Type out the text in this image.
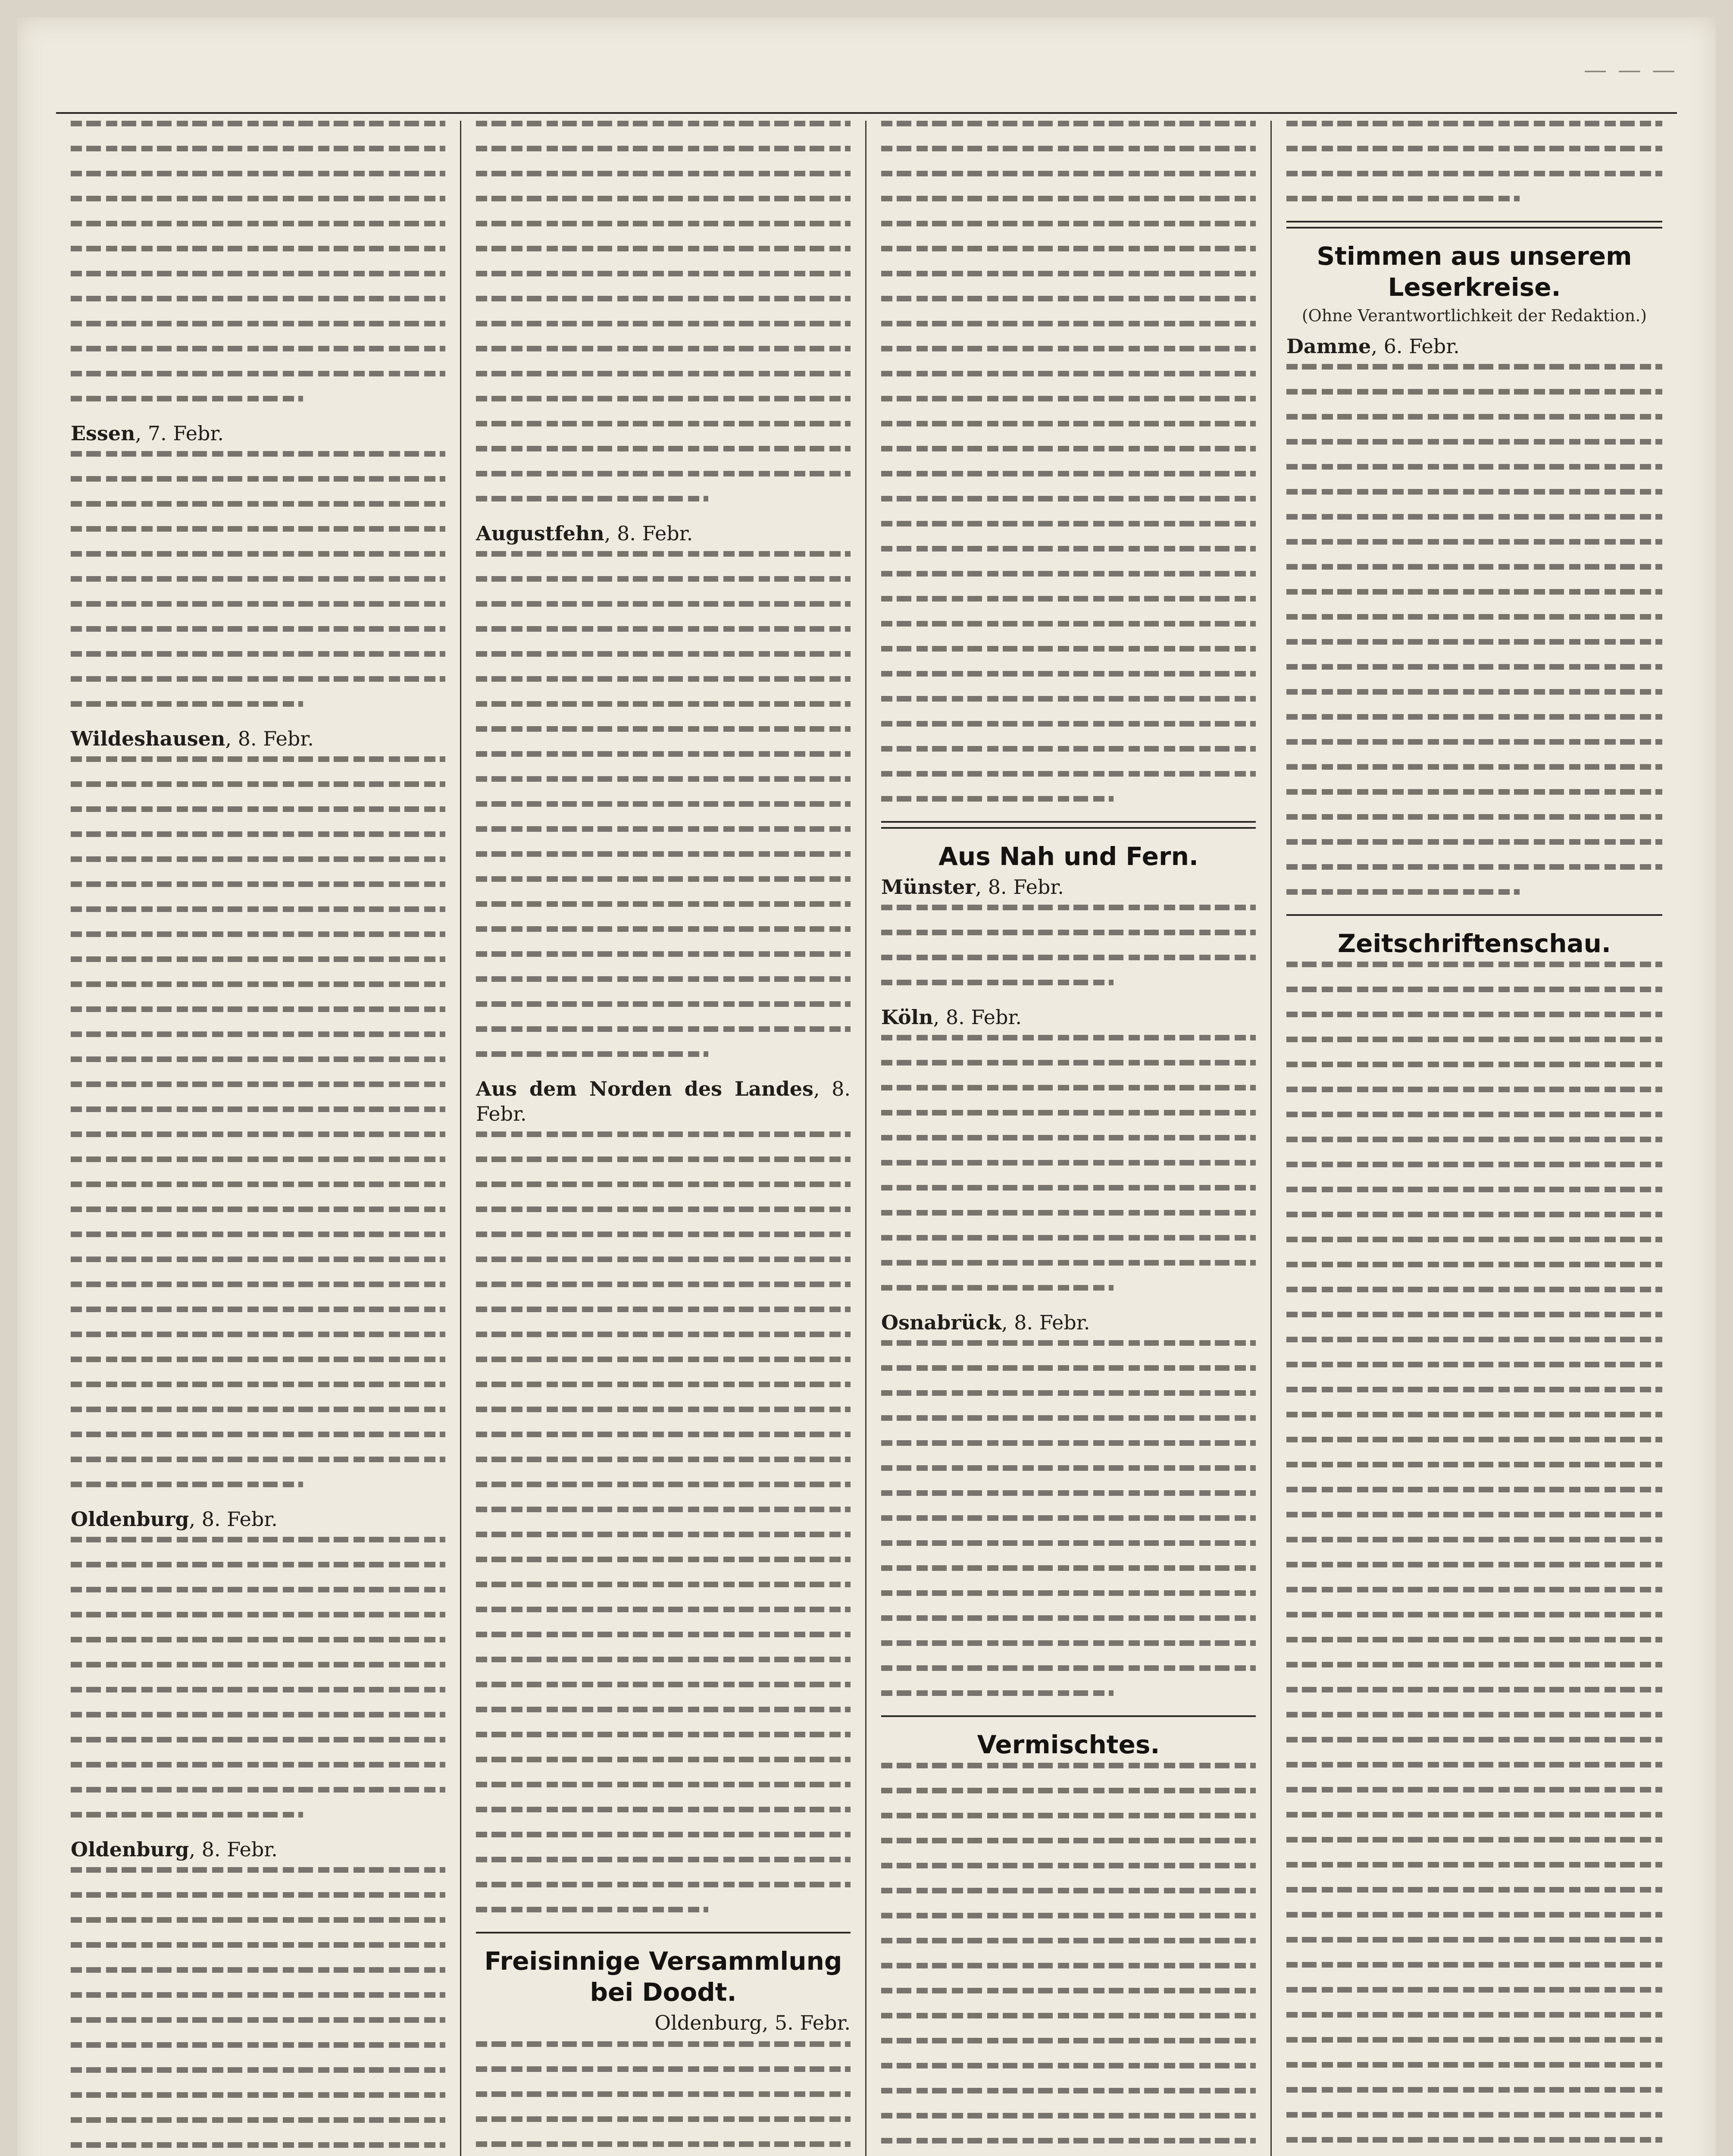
— — —

Essen, 7. Febr.

Wildeshausen, 8. Febr.

Oldenburg, 8. Febr.

Oldenburg, 8. Febr.

Augustfehn, 8. Febr.

Aus dem Norden des Landes, 8. Febr.

Freisinnige Versammlung bei Doodt.
Oldenburg, 5. Febr.
Aus Nah und Fern.

Münster, 8. Febr.

Köln, 8. Febr.

Osnabrück, 8. Febr.

Vermischtes.
Stimmen aus unserem Leserkreise.
(Ohne Verantwortlichkeit der Redaktion.)

Damme, 6. Febr.

Zeitschriftenschau.
